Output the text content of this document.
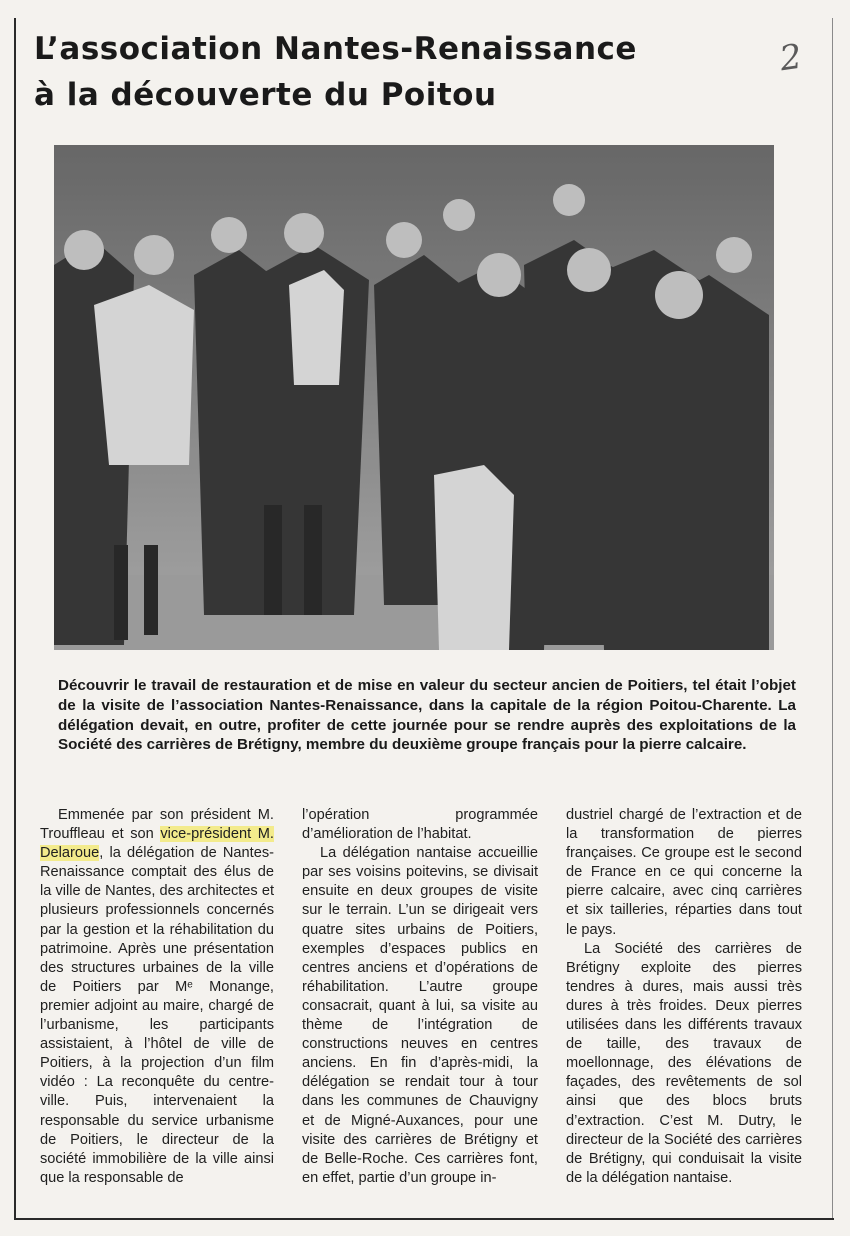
L’association Nantes-Renaissance
à la découverte du Poitou
2

Découvrir le travail de restauration et de mise en valeur du secteur ancien de Poitiers, tel était l’objet de la visite de l’association Nantes-Renaissance, dans la capitale de la région Poitou-Charente. La délégation devait, en outre, profiter de cette journée pour se rendre auprès des exploitations de la Société des carrières de Brétigny, membre du deuxième groupe français pour la pierre calcaire.

Emmenée par son président M. Trouffleau et son vice-président M. Delaroue, la délégation de Nantes-Renaissance comptait des élus de la ville de Nantes, des architectes et plusieurs professionnels concernés par la gestion et la réhabilitation du patrimoine. Après une présentation des structures urbaines de la ville de Poitiers par Mᵉ Monange, premier adjoint au maire, chargé de l’urbanisme, les participants assistaient, à l’hôtel de ville de Poitiers, à la projection d’un film vidéo : La reconquête du centre-ville. Puis, intervenaient la responsable du service urbanisme de Poitiers, le directeur de la société immobilière de la ville ainsi que la responsable de

l’opération programmée d’amélioration de l’habitat.

La délégation nantaise accueillie par ses voisins poitevins, se divisait ensuite en deux groupes de visite sur le terrain. L’un se dirigeait vers quatre sites urbains de Poitiers, exemples d’espaces publics en centres anciens et d’opérations de réhabilitation. L’autre groupe consacrait, quant à lui, sa visite au thème de l’intégration de constructions neuves en centres anciens. En fin d’après-midi, la délégation se rendait tour à tour dans les communes de Chauvigny et de Migné-Auxances, pour une visite des carrières de Brétigny et de Belle-Roche. Ces carrières font, en effet, partie d’un groupe in-

dustriel chargé de l’extraction et de la transformation de pierres françaises. Ce groupe est le second de France en ce qui concerne la pierre calcaire, avec cinq carrières et six tailleries, réparties dans tout le pays.

La Société des carrières de Brétigny exploite des pierres tendres à dures, mais aussi très dures à très froides. Deux pierres utilisées dans les différents travaux de taille, des travaux de moellonnage, des élévations de façades, des revêtements de sol ainsi que des blocs bruts d’extraction. C’est M. Dutry, le directeur de la Société des carrières de Brétigny, qui conduisait la visite de la délégation nantaise.
